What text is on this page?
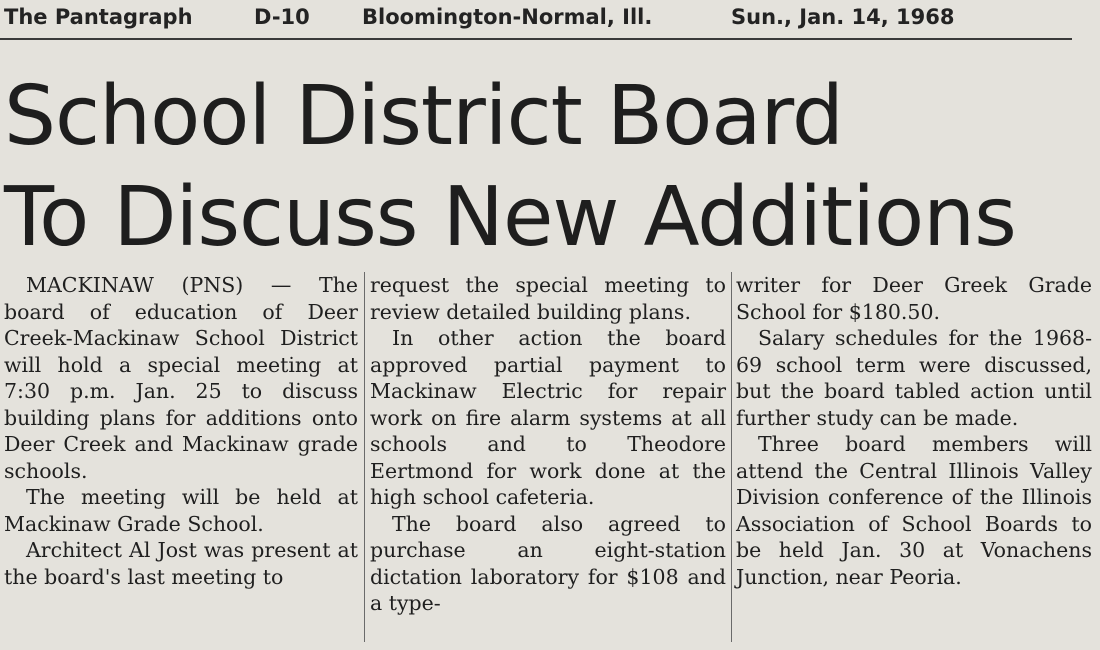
The Pantagraph	D-10 Bloomington-Normal, Ill.	Sun., Jan. 14, 1968
School District Board
To Discuss New Additions

MACKINAW (PNS) — The board of education of Deer Creek-Mackinaw School District will hold a special meeting at 7:30 p.m. Jan. 25 to discuss building plans for additions onto Deer Creek and Mackinaw grade schools.

The meeting will be held at Mackinaw Grade School.

Architect Al Jost was present at the board's last meeting to

request the special meeting to review detailed building plans.

In other action the board approved partial payment to Mackinaw Electric for repair work on fire alarm systems at all schools and to Theodore Eertmond for work done at the high school cafeteria.

The board also agreed to purchase an eight-station dictation laboratory for $108 and a type-

writer for Deer Greek Grade School for $180.50.

Salary schedules for the 1968-69 school term were discussed, but the board tabled action until further study can be made.

Three board members will attend the Central Illinois Valley Division conference of the Illinois Association of School Boards to be held Jan. 30 at Vonachens Junction, near Peoria.
